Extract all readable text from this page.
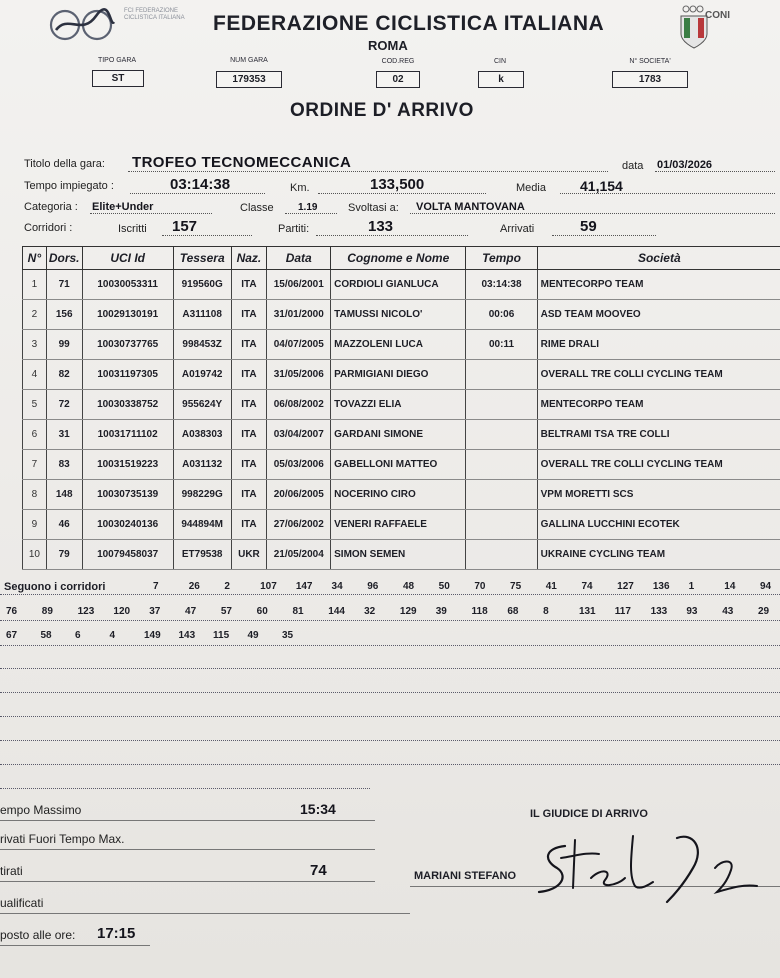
FCI FEDERAZIONE CICLISTICA ITALIANA FEDERAZIONE CICLISTICA ITALIANA
ROMA
CONI
TIPO GARA
ST
NUM GARA
179353
COD.REG
02
CIN
k
N° SOCIETA'
1783
ORDINE D' ARRIVO
Titolo della gara: TROFEO TECNOMECCANICA	data 01/03/2026
Tempo impiegato :	03:14:38	Km.	133,500	Media 41,154
Categoria : Elite+Under	Classe 1.19	Svoltasi a: VOLTA MANTOVANA
Corridori :	Iscritti 157	Partiti:	133	Arrivati	59
N°	Dors.	UCI Id	Tessera	Naz.	Data	Cognome e Nome	Tempo	Società
1	71	10030053311	919560G	ITA	15/06/2001	CORDIOLI GIANLUCA	03:14:38	MENTECORPO TEAM
2	156	10029130191	A311108	ITA	31/01/2000	TAMUSSI NICOLO'	00:06	ASD TEAM MOOVEO
3	99	10030737765	998453Z	ITA	04/07/2005	MAZZOLENI LUCA	00:11	RIME DRALI
4	82	10031197305	A019742	ITA	31/05/2006	PARMIGIANI DIEGO		OVERALL TRE COLLI CYCLING TEAM
5	72	10030338752	955624Y	ITA	06/08/2002	TOVAZZI ELIA		MENTECORPO TEAM
6	31	10031711102	A038303	ITA	03/04/2007	GARDANI SIMONE		BELTRAMI TSA TRE COLLI
7	83	10031519223	A031132	ITA	05/03/2006	GABELLONI MATTEO		OVERALL TRE COLLI CYCLING TEAM
8	148	10030735139	998229G	ITA	20/06/2005	NOCERINO CIRO		VPM MORETTI SCS
9	46	10030240136	944894M	ITA	27/06/2002	VENERI RAFFAELE		GALLINA LUCCHINI ECOTEK
10	79	10079458037	ET79538	UKR	21/05/2004	SIMON SEMEN		UKRAINE CYCLING TEAM
Seguono i corridori	7	26 2	107 147 34 96 48 50 70 75 41 74 127 136 1	14 94
76 89 123 120 37 47 57 60 81 144 32 129 39 118 68 8	131 117 133 93 43 29
67 58 6	4	149 143 115 49 35
empo Massimo	15:34
rivati Fuori Tempo Max.
tirati	74
ualificati
posto alle ore: 17:15
IL GIUDICE DI ARRIVO
MARIANI STEFANO
